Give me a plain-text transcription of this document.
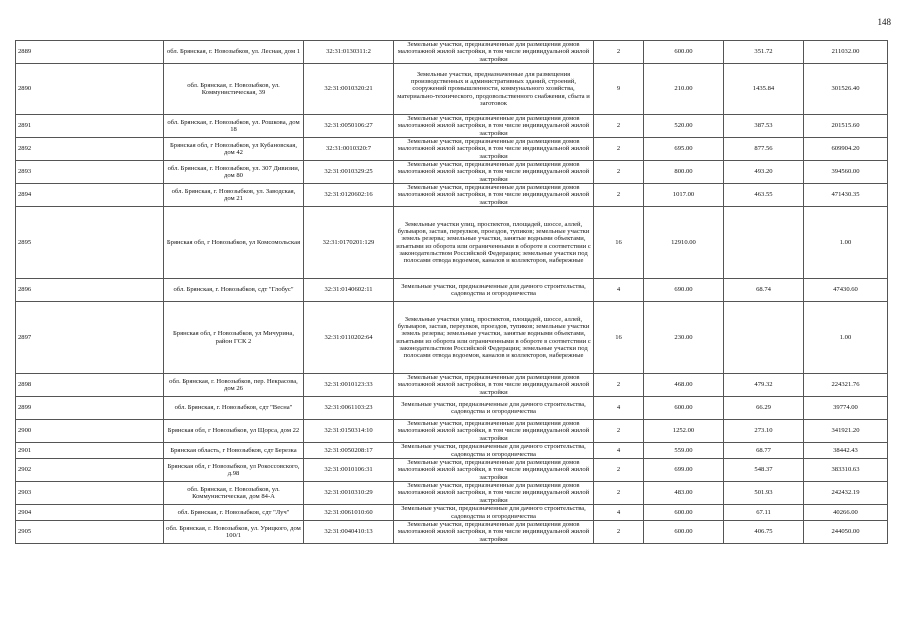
148
2889	обл. Брянская, г. Новозыбков, ул. Лесная, дом 1	32:31:0130311:2	Земельные участки, предназначенные для размещения домов малоэтажной жилой застройки, в том числе индивидуальной жилой застройки	2	600.00	351.72	211032.00
2890	обл. Брянская, г. Новозыбков, ул. Коммунистическая, 39	32:31:0010320:21	Земельные участки, предназначенные для размещения производственных и административных зданий, строений, сооружений промышленности, коммунального хозяйства, материально-технического, продовольственного снабжения, сбыта и заготовок	9	210.00	1435.84	301526.40
2891	обл. Брянская, г. Новозыбков, ул. Рошкова, дом 18	32:31:0050106:27	Земельные участки, предназначенные для размещения домов малоэтажной жилой застройки, в том числе индивидуальной жилой застройки	2	520.00	387.53	201515.60
2892	Брянская обл, г Новозыбков, ул Кубановская, дом 42	32:31:0010320:7	Земельные участки, предназначенные для размещения домов малоэтажной жилой застройки, в том числе индивидуальной жилой застройки	2	695.00	877.56	609904.20
2893	обл. Брянская, г. Новозыбков, ул. 307 Дивизии, дом 80	32:31:0010329:25	Земельные участки, предназначенные для размещения домов малоэтажной жилой застройки, в том числе индивидуальной жилой застройки	2	800.00	493.20	394560.00
2894	обл. Брянская, г. Новозыбков, ул. Заводская, дом 21	32:31:0120602:16	Земельные участки, предназначенные для размещения домов малоэтажной жилой застройки, в том числе индивидуальной жилой застройки	2	1017.00	463.55	471430.35
2895	Брянская обл, г Новозыбков, ул Комсомольская	32:31:0170201:129	Земельные участки улиц, проспектов, площадей, шоссе, аллей, бульваров, застав, переулков, проездов, тупиков; земельные участки земель резерва; земельные участки, занятые водными объектами, изъятыми из оборота или ограниченными в обороте в соответствии с законодательством Российской Федерации; земельные участки под полосами отвода водоемов, каналов и коллекторов, набережные	16	12910.00		1.00
2896	обл. Брянская, г. Новозыбков, сдт "Глобус"	32:31:0140602:11	Земельные участки, предназначенные для дачного строительства, садоводства и огородничества	4	690.00	68.74	47430.60
2897	Брянская обл, г Новозыбков, ул Мичурина, район ГСК 2	32:31:0110202:64	Земельные участки улиц, проспектов, площадей, шоссе, аллей, бульваров, застав, переулков, проездов, тупиков; земельные участки земель резерва; земельные участки, занятые водными объектами, изъятыми из оборота или ограниченными в обороте в соответствии с законодательством Российской Федерации; земельные участки под полосами отвода водоемов, каналов и коллекторов, набережные	16	230.00		1.00
2898	обл. Брянская, г. Новозыбков, пер. Некрасова, дом 26	32:31:0010123:33	Земельные участки, предназначенные для размещения домов малоэтажной жилой застройки, в том числе индивидуальной жилой застройки	2	468.00	479.32	224321.76
2899	обл. Брянская, г. Новозыбков, сдт "Весна"	32:31:0061103:23	Земельные участки, предназначенные для дачного строительства, садоводства и огородничества	4	600.00	66.29	39774.00
2900	Брянская обл, г Новозыбков, ул Щорса, дом 22	32:31:0150314:10	Земельные участки, предназначенные для размещения домов малоэтажной жилой застройки, в том числе индивидуальной жилой застройки	2	1252.00	273.10	341921.20
2901	Брянская область, г Новозыбков, сдт Березка	32:31:0050208:17	Земельные участки, предназначенные для дачного строительства, садоводства и огородничества	4	559.00	68.77	38442.43
2902	Брянская обл, г Новозыбков, ул Рокоссовского, д.98	32:31:0010106:31	Земельные участки, предназначенные для размещения домов малоэтажной жилой застройки, в том числе индивидуальной жилой застройки	2	699.00	548.37	383310.63
2903	обл. Брянская, г. Новозыбков, ул. Коммунистическая, дом 84-А	32:31:0010310:29	Земельные участки, предназначенные для размещения домов малоэтажной жилой застройки, в том числе индивидуальной жилой застройки	2	483.00	501.93	242432.19
2904	обл. Брянская, г. Новозыбков, сдт "Луч"	32:31:0061010:60	Земельные участки, предназначенные для дачного строительства, садоводства и огородничества	4	600.00	67.11	40266.00
2905	обл. Брянская, г. Новозыбков, ул. Урицкого, дом 100/1	32:31:0040410:13	Земельные участки, предназначенные для размещения домов малоэтажной жилой застройки, в том числе индивидуальной жилой застройки	2	600.00	406.75	244050.00
